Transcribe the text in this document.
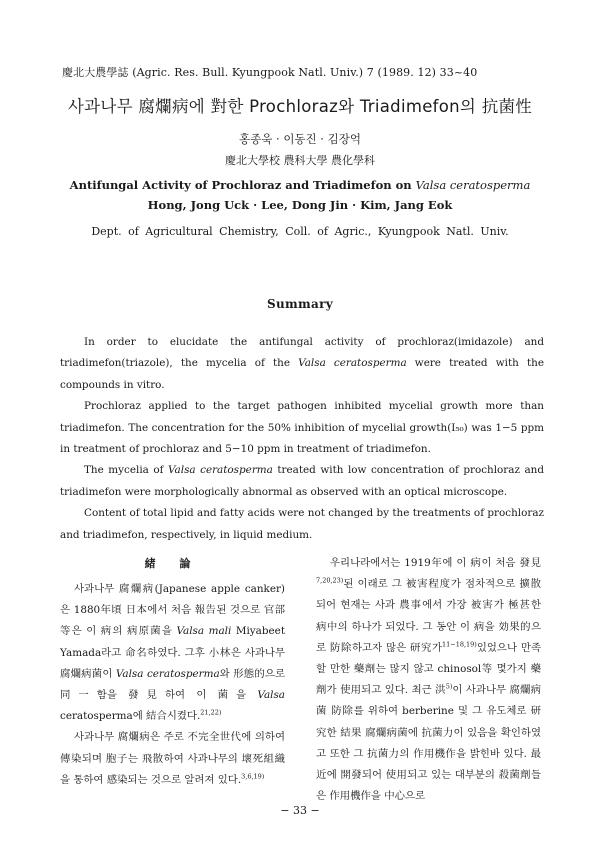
慶北大農學誌 (Agric. Res. Bull. Kyungpook Natl. Univ.) 7 (1989. 12) 33~40
사과나무 腐爛病에 對한 Prochloraz와 Triadimefon의 抗菌性
홍종욱 · 이동진 · 김장억
慶北大學校 農科大學 農化學科
Antifungal Activity of Prochloraz and Triadimefon on Valsa ceratosperma
Hong, Jong Uck · Lee, Dong Jin · Kim, Jang Eok
Dept. of Agricultural Chemistry, Coll. of Agric., Kyungpook Natl. Univ.
Summary

In order to elucidate the antifungal activity of prochloraz(imidazole) and triadimefon(triazole), the mycelia of the Valsa ceratosperma were treated with the compounds in vitro.

Prochloraz applied to the target pathogen inhibited mycelial growth more than triadimefon. The concentration for the 50% inhibition of mycelial growth(I₅₀) was 1−5 ppm in treatment of prochloraz and 5−10 ppm in treatment of triadimefon.

The mycelia of Valsa ceratosperma treated with low concentration of prochloraz and triadimefon were morphologically abnormal as observed with an optical microscope.

Content of total lipid and fatty acids were not changed by the treatments of prochloraz and triadimefon, respectively, in liquid medium.

緒 論

사과나무 腐爛病(Japanese apple canker)은 1880年頃 日本에서 처음 報告된 것으로 官部等은 이 病의 病原菌을 Valsa mali Miyabeet Yamada라고 命名하였다. 그후 小林은 사과나무 腐爛病菌이 Valsa ceratosperma와 形態的으로 同一함을 發見하여 이 菌을 Valsa ceratosperma에 結合시켰다.$^{21,22)}$

사과나무 腐爛病은 주로 不完全世代에 의하여 傳染되며 胞子는 飛散하여 사과나무의 壞死組織을 통하여 感染되는 것으로 알려져 있다.$^{3,6,19)}$

우리나라에서는 1919年에 이 病이 처음 發見$^{7,20,23)}$된 이래로 그 被害程度가 점차적으로 擴散되어 현재는 사과 農事에서 가장 被害가 極甚한 病中의 하나가 되었다. 그 동안 이 病을 効果的으로 防除하고자 많은 研究가$^{11-18,19)}$있었으나 만족할 만한 藥劑는 많지 않고 chinosol等 몇가지 藥劑가 使用되고 있다. 최근 洪$^{5)}$이 사과나무 腐爛病菌 防除를 위하여 berberine 및 그 유도체로 研究한 結果 腐爛病菌에 抗菌力이 있음을 확인하였고 또한 그 抗菌力의 作用機作을 밝힌바 있다. 最近에 開發되어 使用되고 있는 대부분의 殺菌劑들은 作用機作을 中心으로

− 33 −
